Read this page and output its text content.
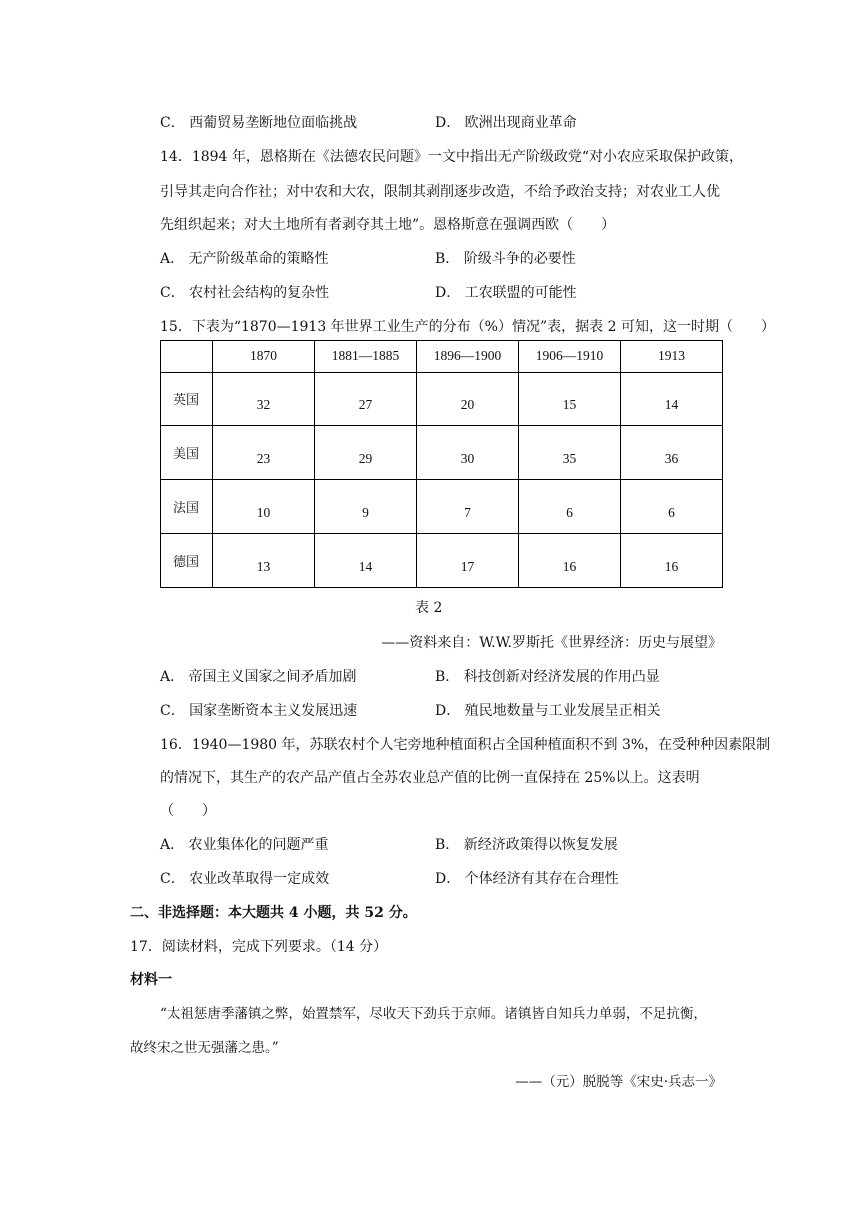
C． 西葡贸易垄断地位面临挑战	D． 欧洲出现商业革命
14．1894 年，恩格斯在《法德农民问题》一文中指出无产阶级政党“对小农应采取保护政策，
引导其走向合作社；对中农和大农，限制其剥削逐步改造，不给予政治支持；对农业工人优
先组织起来；对大土地所有者剥夺其土地”。恩格斯意在强调西欧（　　）
A． 无产阶级革命的策略性	B． 阶级斗争的必要性
C． 农村社会结构的复杂性	D． 工农联盟的可能性
15．下表为“1870—1913 年世界工业生产的分布（%）情况”表，据表 2 可知，这一时期（　　）
	1870	1881—1885	1896—1900	1906—1910	1913
英国	32	27	20	15	14
美国	23	29	30	35	36
法国	10	9	7	6	6
德国	13	14	17	16	16
表 2
——资料来自：W.W.罗斯托《世界经济：历史与展望》
A． 帝国主义国家之间矛盾加剧	B． 科技创新对经济发展的作用凸显
C． 国家垄断资本主义发展迅速	D． 殖民地数量与工业发展呈正相关
16．1940—1980 年，苏联农村个人宅旁地种植面积占全国种植面积不到 3%，在受种种因素限制
的情况下，其生产的农产品产值占全苏农业总产值的比例一直保持在 25%以上。这表明
（　　）
A． 农业集体化的问题严重	B． 新经济政策得以恢复发展
C． 农业改革取得一定成效	D． 个体经济有其存在合理性
二、非选择题：本大题共 4 小题，共 52 分。
17．阅读材料，完成下列要求。（14 分）
材料一
“太祖惩唐季藩镇之弊，始置禁军，尽收天下劲兵于京师。诸镇皆自知兵力单弱，不足抗衡，
故终宋之世无强藩之患。”
——（元）脱脱等《宋史·兵志一》
